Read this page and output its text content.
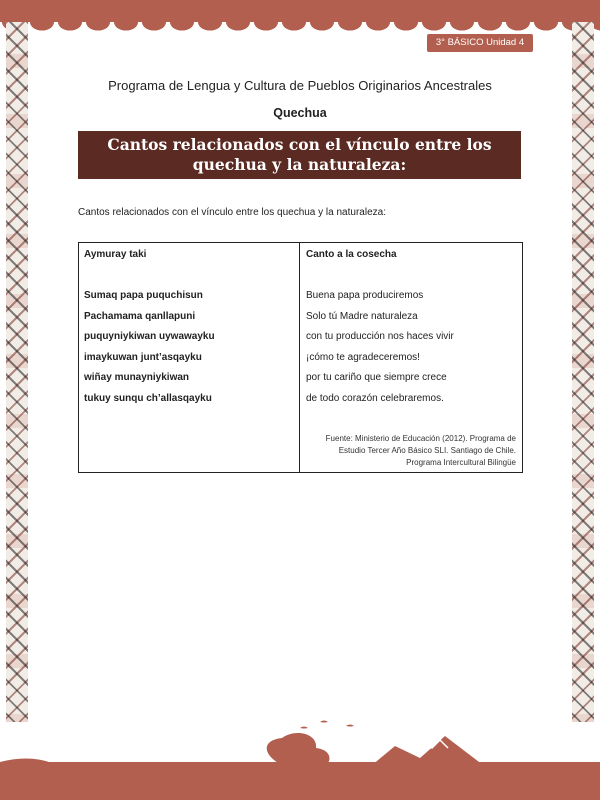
3° BÁSICO Unidad 4
Programa de Lengua y Cultura de Pueblos Originarios Ancestrales
Quechua
Cantos relacionados con el vínculo entre los quechua y la naturaleza:
Cantos relacionados con el vínculo entre los quechua y la naturaleza:
Aymuray taki
Sumaq papa puquchisun
Pachamama qanllapuni
puquyniykiwan uywawayku
imaykuwan junt’asqayku
wiñay munayniykiwan
tukuy sunqu ch’allasqayku
Canto a la cosecha
Buena papa produciremos
Solo tú Madre naturaleza
con tu producción nos haces vivir
¡cómo te agradeceremos!
por tu cariño que siempre crece
de todo corazón celebraremos.
Fuente: Ministerio de Educación (2012). Programa de
Estudio Tercer Año Básico SLI. Santiago de Chile.
Programa Intercultural Bilingüe
